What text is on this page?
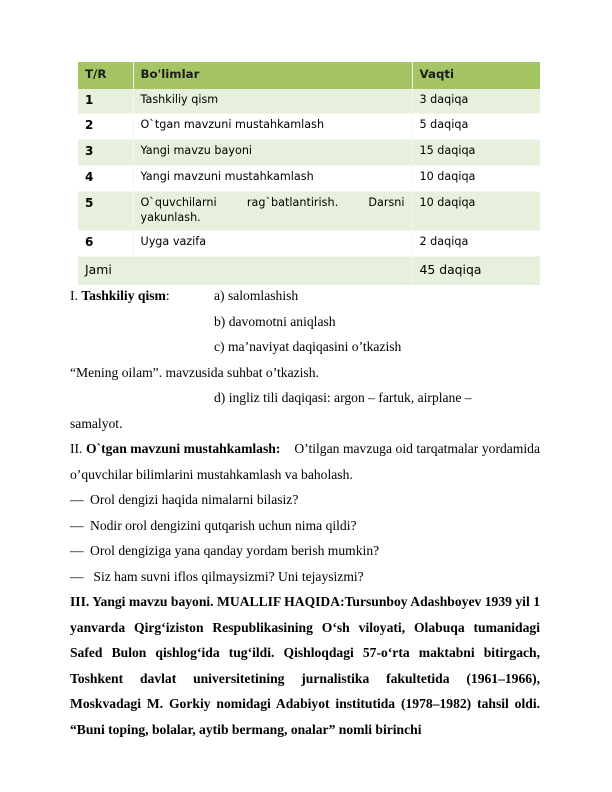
T/R	Bo'limlar	Vaqti
1	Tashkiliy qism	3 daqiqa
2	O`tgan mavzuni mustahkamlash	5 daqiqa
3	Yangi mavzu bayoni	15 daqiqa
4	Yangi mavzuni mustahkamlash	10 daqiqa
5	O`quvchilarni rag`batlantirish. Darsni yakunlash.	10 daqiqa
6	Uyga vazifa	2 daqiqa
Jami		45 daqiqa

I. Tashkiliy qism:	a) salomlashish

b) davomotni aniqlash

c) ma’naviyat daqiqasini o’tkazish

“Mening oilam”. mavzusida suhbat o’tkazish.

d) ingliz tili daqiqasi: argon – fartuk, airplane –

samalyot.

II. O`tgan mavzuni mustahkamlash: O’tilgan mavzuga oid tarqatmalar yordamida o’quvchilar bilimlarini mustahkamlash va baholash.

— Orol dengizi haqida nimalarni bilasiz?

— Nodir orol dengizini qutqarish uchun nima qildi?

— Orol dengiziga yana qanday yordam berish mumkin?

— Siz ham suvni iflos qilmaysizmi? Uni tejaysizmi?

III. Yangi mavzu bayoni. MUALLIF HAQIDA:Tursunboy Adashboyev 1939 yil 1 yanvarda Qirg‘iziston Respublikasining O‘sh viloyati, Olabuqa tumanidagi Safed Bulon qishlog‘ida tug‘ildi. Qishloqdagi 57-o‘rta maktabni bitirgach, Toshkent davlat universitetining jurnalistika fakultetida (1961–1966), Moskvadagi M. Gorkiy nomidagi Adabiyot institutida (1978–1982) tahsil oldi. “Buni toping, bolalar, aytib bermang, onalar” nomli birinchi
